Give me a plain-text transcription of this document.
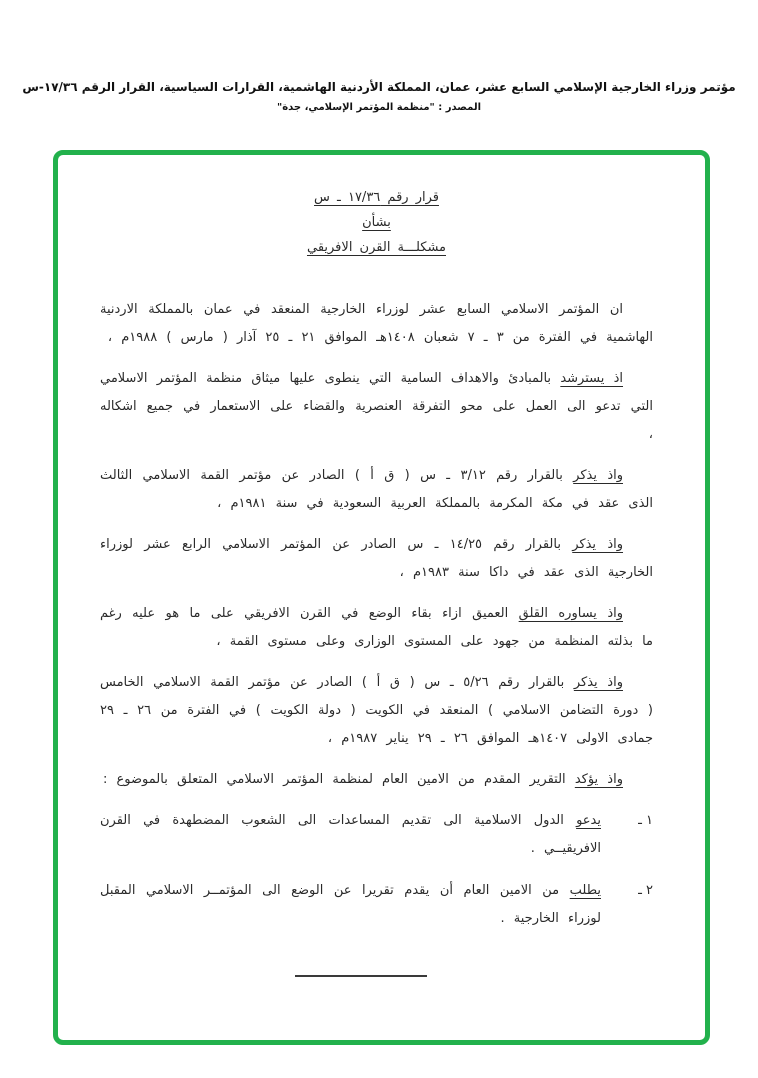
مؤتمر وزراء الخارجية الإسلامي السابع عشر، عمان، المملكة الأردنية الهاشمية، القرارات السياسية، القرار الرقم ١٧/٣٦-س
المصدر : "منظمة المؤتمر الإسلامي، جدة"
قرار رقم ١٧/٣٦ ـ س
بشأن
مشكلـــة القرن الافريقي

ان المؤتمر الاسلامي السابع عشر لوزراء الخارجية المنعقد في عمان بالمملكة الاردنية الهاشمية في الفترة من ٣ ـ ٧ شعبان ١٤٠٨هـ الموافق ٢١ ـ ٢٥ آذار ( مارس ) ١٩٨٨م ،

اذ يسترشد بالمبادئ والاهداف السامية التي ينطوى عليها ميثاق منظمة المؤتمر الاسلامي التي تدعو الى العمل على محو التفرقة العنصرية والقضاء على الاستعمار في جميع اشكاله ،

واذ يذكر بالقرار رقم ٣/١٢ ـ س ( ق أ ) الصادر عن مؤتمر القمة الاسلامي الثالث الذى عقد في مكة المكرمة بالمملكة العربية السعودية في سنة ١٩٨١م ،

واذ يذكر بالقرار رقم ١٤/٢٥ ـ س الصادر عن المؤتمر الاسلامي الرابع عشر لوزراء الخارجية الذى عقد في داكا سنة ١٩٨٣م ،

واذ يساوره القلق العميق ازاء بقاء الوضع في القرن الافريقي على ما هو عليه رغم ما بذلته المنظمة من جهود على المستوى الوزارى وعلى مستوى القمة ،

واذ يذكر بالقرار رقم ٥/٢٦ ـ س ( ق أ ) الصادر عن مؤتمر القمة الاسلامي الخامس ( دورة التضامن الاسلامي ) المنعقد في الكويت ( دولة الكويت ) في الفترة من ٢٦ ـ ٢٩ جمادى الاولى ١٤٠٧هـ الموافق ٢٦ ـ ٢٩ يناير ١٩٨٧م ،

واذ يؤكد التقرير المقدم من الامين العام لمنظمة المؤتمر الاسلامي المتعلق بالموضوع :

١ ـ

يدعو الدول الاسلامية الى تقديم المساعدات الى الشعوب المضطهدة في القرن الافريقيــي .

٢ ـ

يطلب من الامين العام أن يقدم تقريرا عن الوضع الى المؤتمــر الاسلامي المقبل لوزراء الخارجية .
